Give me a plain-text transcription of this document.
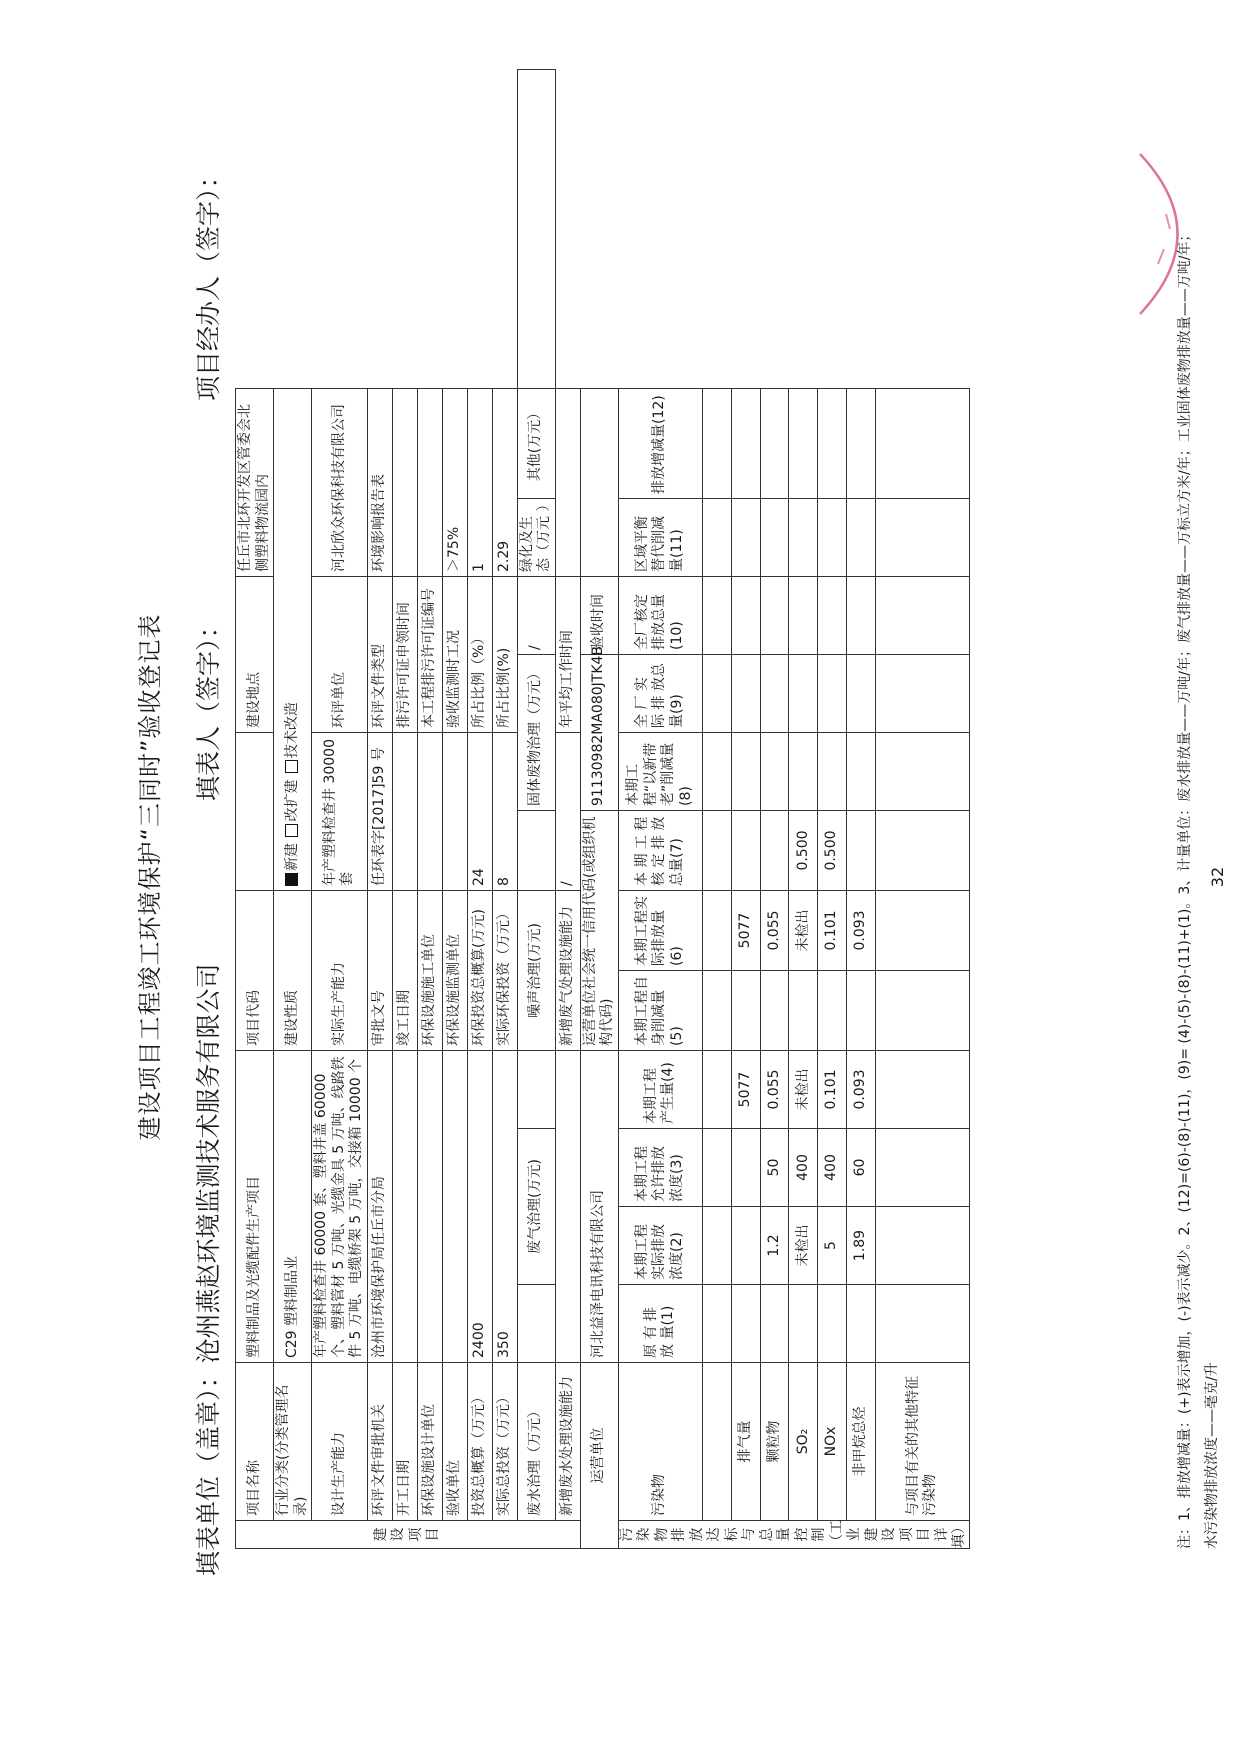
建设项目工程竣工环境保护“三同时”验收登记表
填表单位（盖章）：沧州燕赵环境监测技术服务有限公司
填表人（签字）：
项目经办人（签字）：
建设项目	项目名称	塑料制品及光缆配件生产项目				项目代码				建设地点		任丘市北环开发区管委会北侧塑料物流园内		
	行业分类(分类管理名录)	C29 塑料制品业				建设性质		新建 改扩建 技术改造						
	设计生产能力	年产塑料检查井 60000 套、塑料井盖 60000 个、塑料管材 5 万吨、光缆金具 5 万吨、线路铁件 5 万吨、电缆桥架 5 万吨，交接箱 10000 个				实际生产能力		年产塑料检查井 30000 套		环评单位		河北欣众环保科技有限公司		
	环评文件审批机关	沧州市环境保护局任丘市分局				审批文号		任环表字[2017]59 号		环评文件类型		环境影响报告表		
	开工日期					竣工日期				排污许可证申领时间				
	环保设施设计单位					环保设施施工单位				本工程排污许可证编号				
	验收单位					环保设施监测单位				验收监测时工况		＞75%		
	投资总概算（万元）	2400				环保投资总概算(万元)		24		所占比例（%）		1		
	实际总投资（万元）	350				实际环保投资（万元）		8		所占比例(%)		2.29		
	废水治理（万元）		废气治理(万元)			噪声治理(万元)			固体废物治理（万元）		/	绿化及生态（万元 ）	其他(万元）	
	新增废水处理设施能力					新增废气处理设施能力		/		年平均工作时间				
运营单位		河北益泽电讯科技有限公司				运营单位社会统一信用代码(或组织机构代码)			91130982MA080JTK4B		验收时间			
污染物排放达标与总量控制（工业建设项目详填）	污染物	原 有 排 放 量(1)	本期工程实际排放浓度(2)	本期工程允许排放浓度(3)	本期工程产生量(4)	本期工程自身削减量(5)	本期工程实际排放量(6)	本 期 工 程 核 定 排 放 总量(7)	本期工程“以新带老”削减量(8)	全 厂 实 际 排 放总量(9)	全厂核定排放总量(10)	区域平衡替代削减量(11)	排放增减量(12)	

	排气量				5077		5077							
	颗粒物		1.2	50	0.055		0.055							
	SO₂		未检出	400	未检出		未检出	0.500						
	NOx		5	400	0.101		0.101	0.500						
	非甲烷总烃		1.89	60	0.093		0.093							
	与项目有关的其他特征污染物														注：1、排放增减量：(+)表示增加，(-)表示减少。2、(12)=(6)-(8)-(11)，(9)= (4)-(5)-(8)-(11)+(1)。3、计量单位：废水排放量——万吨/年；废气排放量——万标立方米/年；工业固体废物排放量——万吨/年； 水污染物排放浓度——毫克/升
32
